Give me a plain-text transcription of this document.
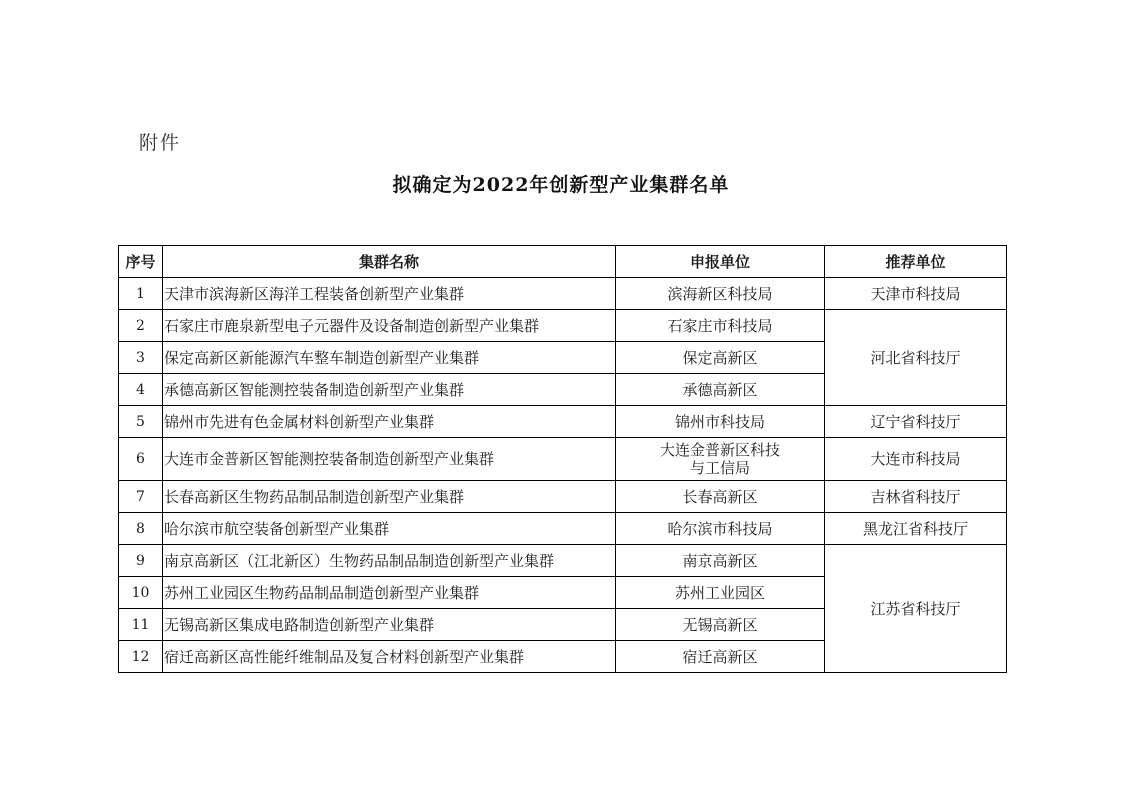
附件
拟确定为2022年创新型产业集群名单
序号	集群名称	申报单位	推荐单位
1	天津市滨海新区海洋工程装备创新型产业集群	滨海新区科技局	天津市科技局
2	石家庄市鹿泉新型电子元器件及设备制造创新型产业集群	石家庄市科技局	河北省科技厅
3	保定高新区新能源汽车整车制造创新型产业集群	保定高新区	
4	承德高新区智能测控装备制造创新型产业集群	承德高新区	
5	锦州市先进有色金属材料创新型产业集群	锦州市科技局	辽宁省科技厅
6	大连市金普新区智能测控装备制造创新型产业集群	大连金普新区科技与工信局	大连市科技局
7	长春高新区生物药品制品制造创新型产业集群	长春高新区	吉林省科技厅
8	哈尔滨市航空装备创新型产业集群	哈尔滨市科技局	黑龙江省科技厅
9	南京高新区（江北新区）生物药品制品制造创新型产业集群	南京高新区	江苏省科技厅
10	苏州工业园区生物药品制品制造创新型产业集群	苏州工业园区	
11	无锡高新区集成电路制造创新型产业集群	无锡高新区	
12	宿迁高新区高性能纤维制品及复合材料创新型产业集群	宿迁高新区	
